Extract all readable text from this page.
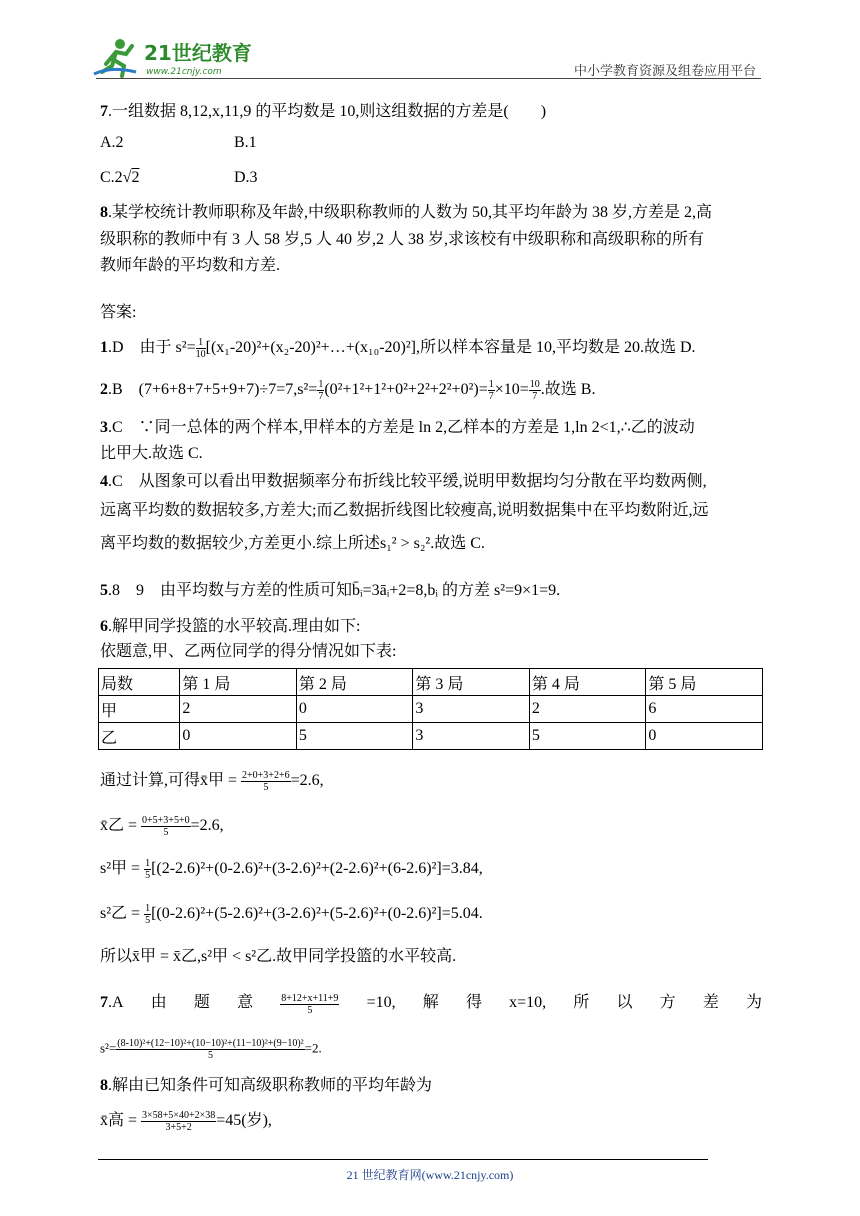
21世纪教育
www.21cnjy.com	中小学教育资源及组卷应用平台
7.一组数据 8,12,x,11,9 的平均数是 10,则这组数据的方差是(　　)
A.2	B.1
C.2√2	D.3
8.某学校统计教师职称及年龄,中级职称教师的人数为 50,其平均年龄为 38 岁,方差是 2,高
级职称的教师中有 3 人 58 岁,5 人 40 岁,2 人 38 岁,求该校有中级职称和高级职称的所有
教师年龄的平均数和方差.
答案:
1.D　由于 $s^2= \frac{1}{10}$ [(x₁-20)²+(x₂-20)²+…+(x₁₀-20)²],所以样本容量是 10,平均数是 20.故选 D.
2.B　$(7+6+8+7+5+9+7)\div 7=7,s^2= \frac{1}{7} (0^2+1^2+1^2+0^2+2^2+2^2+0^2)= \frac{1}{7} \times 10= \frac{10}{7}$ .故选 B.
3.C　∵同一总体的两个样本,甲样本的方差是 ln 2,乙样本的方差是 1,ln 2<1,∴乙的波动
比甲大.故选 C.
4.C　从图象可以看出甲数据频率分布折线比较平缓,说明甲数据均匀分散在平均数两侧,
远离平均数的数据较多,方差大;而乙数据折线图比较瘦高,说明数据集中在平均数附近,远
离平均数的数据较少,方差更小.综上所述s₁² > s₂².故选 C.
5.8　9　由平均数与方差的性质可知b̄ᵢ=3āᵢ+2=8,bᵢ 的方差 s²=9×1=9.
6.解甲同学投篮的水平较高.理由如下:
依题意,甲、乙两位同学的得分情况如下表:
局数	第 1 局	第 2 局	第 3 局	第 4 局	第 5 局
甲	2	0	3	2	6
乙	0	5	3	5	0
通过计算,可得x̄甲 = $\frac{2+0+3+2+6}{5} =2.6$,
x̄乙 = $\frac{0+5+3+5+0}{5} =2.6$,
s²甲 = $\frac{1}{5} [(2-2.6)^2+(0-2.6)^2+(3-2.6)^2+(2-2.6)^2+(6-2.6)^2]=3.84$,
s²乙 = $\frac{1}{5} [(0-2.6)^2+(5-2.6)^2+(3-2.6)^2+(5-2.6)^2+(0-2.6)^2]=5.04$.
所以x̄甲 = x̄乙,s²甲 < s²乙.故甲同学投篮的水平较高.
7.A 由 题 意	$\frac{8+12+x+11+9}{5} =10$, 解 得 x=10, 所 以 方 差 为
$s^2= \frac{\text{(8-10)²+(12−10)²+(10−10)²+(11−10)²+(9−10)²}}{5} =2$.
8.解由已知条件可知高级职称教师的平均年龄为
x̄高 = $\frac{3\times 58+5\times 40+2\times 38}{3+5+2} =45$(岁),
21 世纪教育网(www.21cnjy.com)
